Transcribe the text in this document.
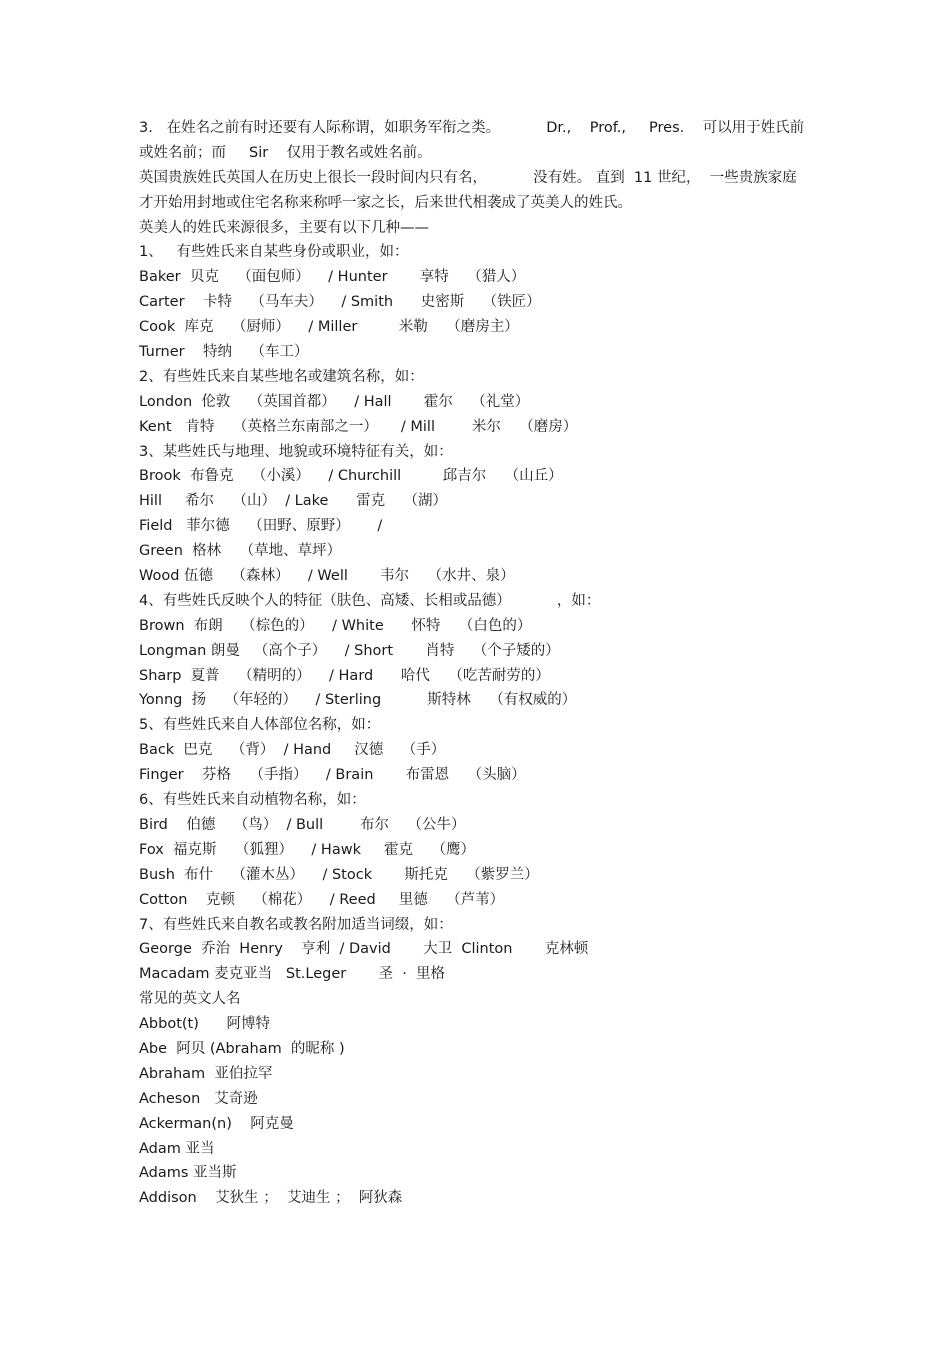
3.   在姓名之前有时还要有人际称谓，如职务军衔之类。          Dr.,    Prof.,     Pres.    可以用于姓氏前
或姓名前；而     Sir    仅用于教名或姓名前。
英国贵族姓氏英国人在历史上很长一段时间内只有名，          没有姓。 直到  11 世纪，  一些贵族家庭
才开始用封地或住宅名称来称呼一家之长，后来世代相袭成了英美人的姓氏。
英美人的姓氏来源很多，主要有以下几种——
1、   有些姓氏来自某些身份或职业，如：
Baker  贝克    （面包师）    / Hunter       享特    （猎人）
Carter    卡特    （马车夫）    / Smith      史密斯    （铁匠）
Cook  库克    （厨师）    / Miller         米勒    （磨房主）
Turner    特纳    （车工）
2、有些姓氏来自某些地名或建筑名称，如：
London  伦敦    （英国首都）    / Hall       霍尔    （礼堂）
Kent   肯特    （英格兰东南部之一）     / Mill        米尔    （磨房）
3、某些姓氏与地理、地貌或环境特征有关，如：
Brook  布鲁克    （小溪）    / Churchill         邱吉尔    （山丘）
Hill     希尔    （山）  / Lake      雷克    （湖）
Field   菲尔德    （田野、原野）      /
Green  格林    （草地、草坪）
Wood 伍德    （森林）    / Well       韦尔    （水井、泉）
4、有些姓氏反映个人的特征（肤色、高矮、长相或品德）          ，如：
Brown  布朗    （棕色的）    / White      怀特    （白色的）
Longman 朗曼   （高个子）    / Short       肖特    （个子矮的）
Sharp  夏普    （精明的）    / Hard      哈代    （吃苦耐劳的）
Yonng  扬    （年轻的）    / Sterling          斯特林    （有权威的）
5、有些姓氏来自人体部位名称，如：
Back  巴克    （背）  / Hand     汉德    （手）
Finger    芬格    （手指）    / Brain       布雷恩    （头脑）
6、有些姓氏来自动植物名称，如：
Bird    伯德    （鸟）  / Bull        布尔    （公牛）
Fox  福克斯    （狐狸）    / Hawk     霍克    （鹰）
Bush  布什    （灌木丛）    / Stock       斯托克    （紫罗兰）
Cotton    克顿    （棉花）    / Reed     里德    （芦苇）
7、有些姓氏来自教名或教名附加适当词缀，如：
George  乔治  Henry    亨利  / David       大卫  Clinton       克林顿
Macadam 麦克亚当   St.Leger       圣  ·  里格
常见的英文人名
Abbot(t)      阿博特
Abe  阿贝 (Abraham  的昵称 )
Abraham  亚伯拉罕
Acheson   艾奇逊
Ackerman(n)    阿克曼
Adam 亚当
Adams 亚当斯
Addison    艾狄生 ；  艾迪生 ；  阿狄森
